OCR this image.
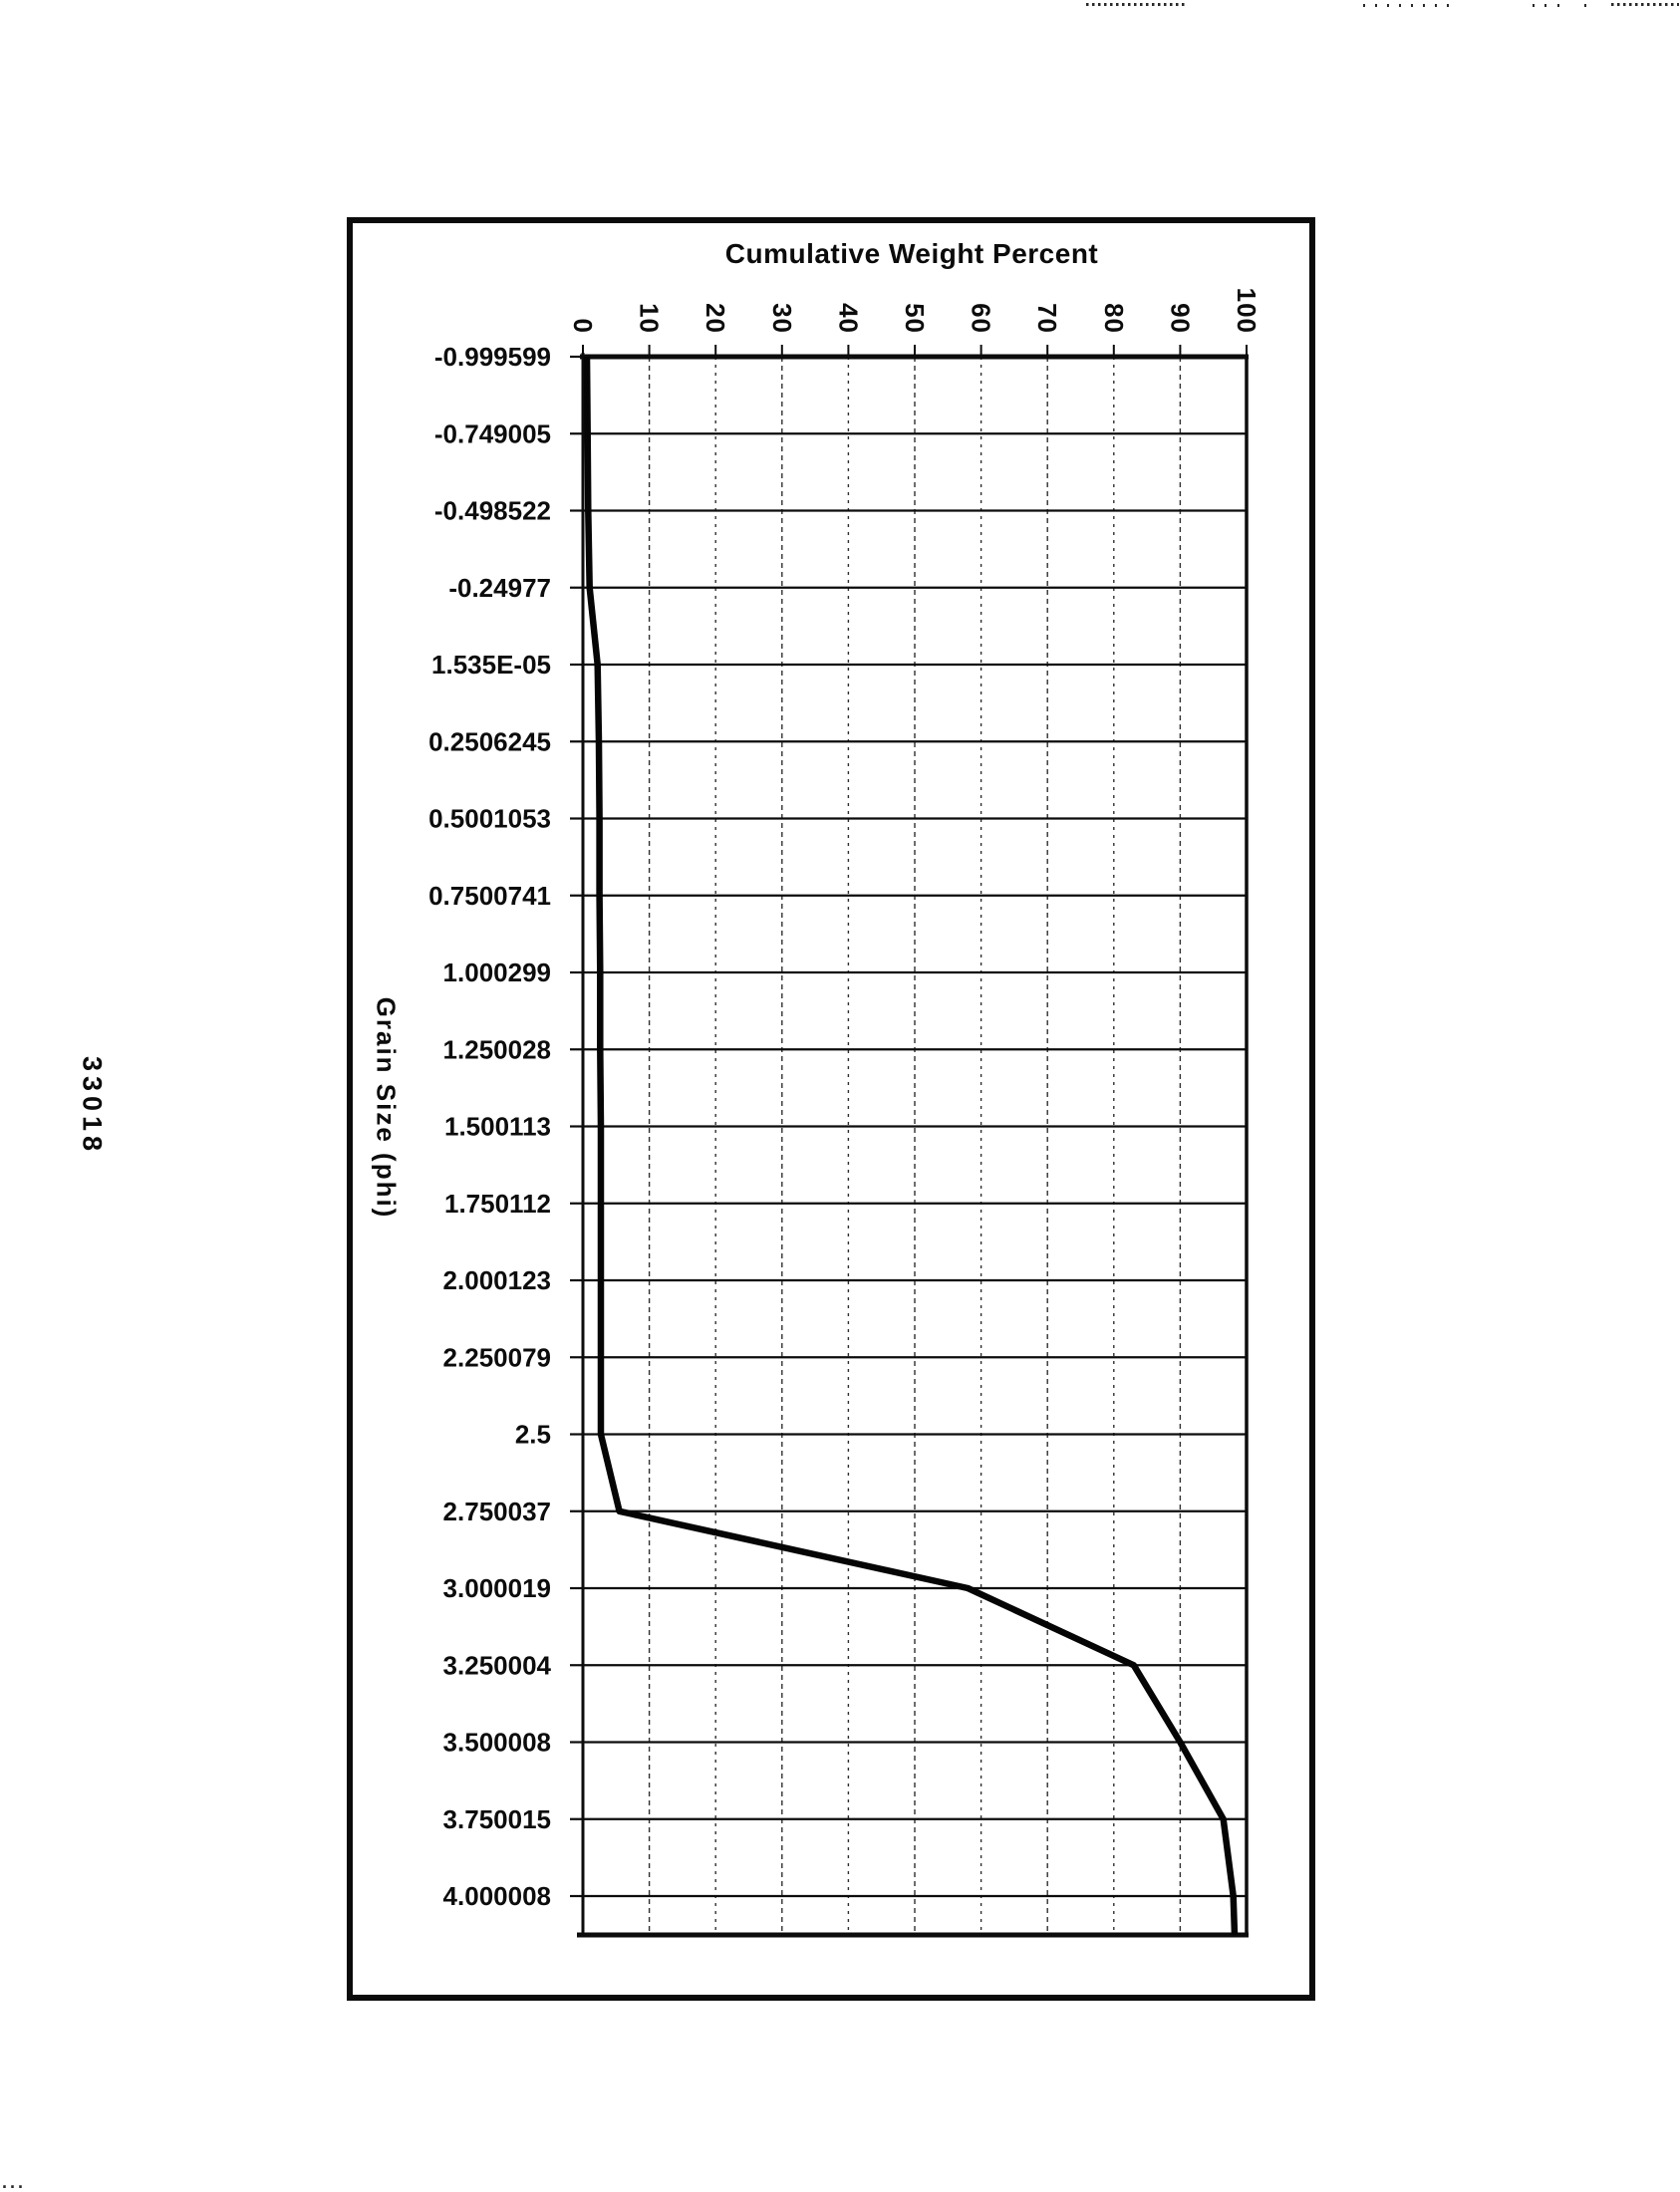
33018
...
Cumulative Weight Percent
Grain Size (phi)
0 10 20 30 40 50 60 70 80 90 100
-0.999599
-0.749005
-0.498522
-0.24977
1.535E-05
0.2506245
0.5001053
0.7500741
1.000299
1.250028
1.500113
1.750112
2.000123
2.250079
2.5
2.750037
3.000019
3.250004
3.500008
3.750015
4.000008
